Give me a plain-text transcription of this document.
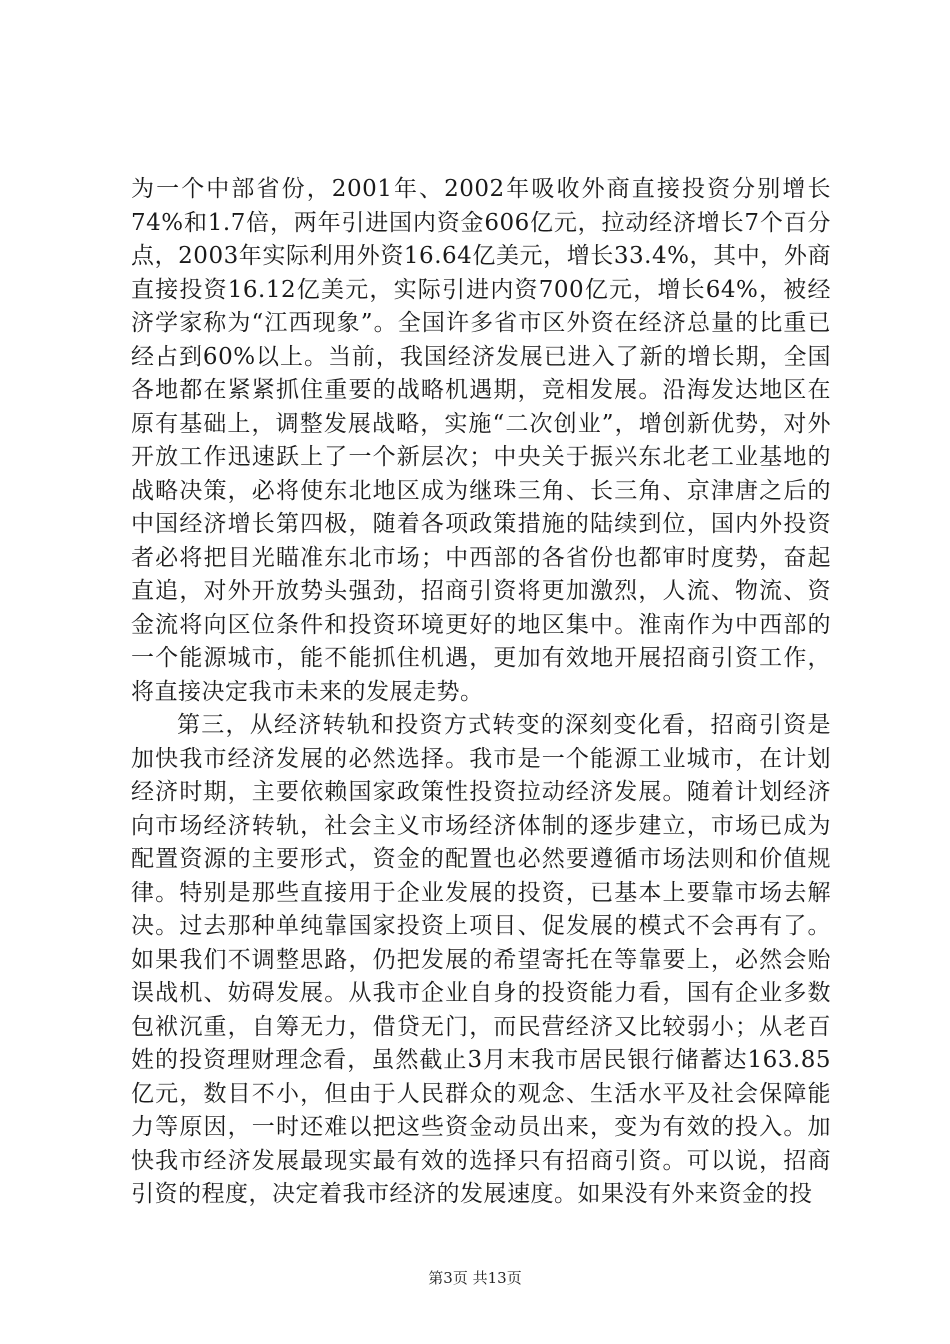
为一个中部省份，2001年、2002年吸收外商直接投资分别增长74%和1.7倍，两年引进国内资金606亿元，拉动经济增长7个百分点，2003年实际利用外资16.64亿美元，增长33.4%，其中，外商直接投资16.12亿美元，实际引进内资700亿元，增长64%，被经济学家称为“江西现象”。全国许多省市区外资在经济总量的比重已经占到60%以上。当前，我国经济发展已进入了新的增长期，全国各地都在紧紧抓住重要的战略机遇期，竞相发展。沿海发达地区在原有基础上，调整发展战略，实施“二次创业”，增创新优势，对外开放工作迅速跃上了一个新层次；中央关于振兴东北老工业基地的战略决策，必将使东北地区成为继珠三角、长三角、京津唐之后的中国经济增长第四极，随着各项政策措施的陆续到位，国内外投资者必将把目光瞄准东北市场；中西部的各省份也都审时度势，奋起直追，对外开放势头强劲，招商引资将更加激烈，人流、物流、资金流将向区位条件和投资环境更好的地区集中。淮南作为中西部的一个能源城市，能不能抓住机遇，更加有效地开展招商引资工作，将直接决定我市未来的发展走势。

第三，从经济转轨和投资方式转变的深刻变化看，招商引资是加快我市经济发展的必然选择。我市是一个能源工业城市，在计划经济时期，主要依赖国家政策性投资拉动经济发展。随着计划经济向市场经济转轨，社会主义市场经济体制的逐步建立，市场已成为配置资源的主要形式，资金的配置也必然要遵循市场法则和价值规律。特别是那些直接用于企业发展的投资，已基本上要靠市场去解决。过去那种单纯靠国家投资上项目、促发展的模式不会再有了。如果我们不调整思路，仍把发展的希望寄托在等靠要上，必然会贻误战机、妨碍发展。从我市企业自身的投资能力看，国有企业多数包袱沉重，自筹无力，借贷无门，而民营经济又比较弱小；从老百姓的投资理财理念看，虽然截止3月末我市居民银行储蓄达163.85亿元，数目不小，但由于人民群众的观念、生活水平及社会保障能力等原因，一时还难以把这些资金动员出来，变为有效的投入。加快我市经济发展最现实最有效的选择只有招商引资。可以说，招商引资的程度，决定着我市经济的发展速度。如果没有外来资金的投

第3页 共13页
